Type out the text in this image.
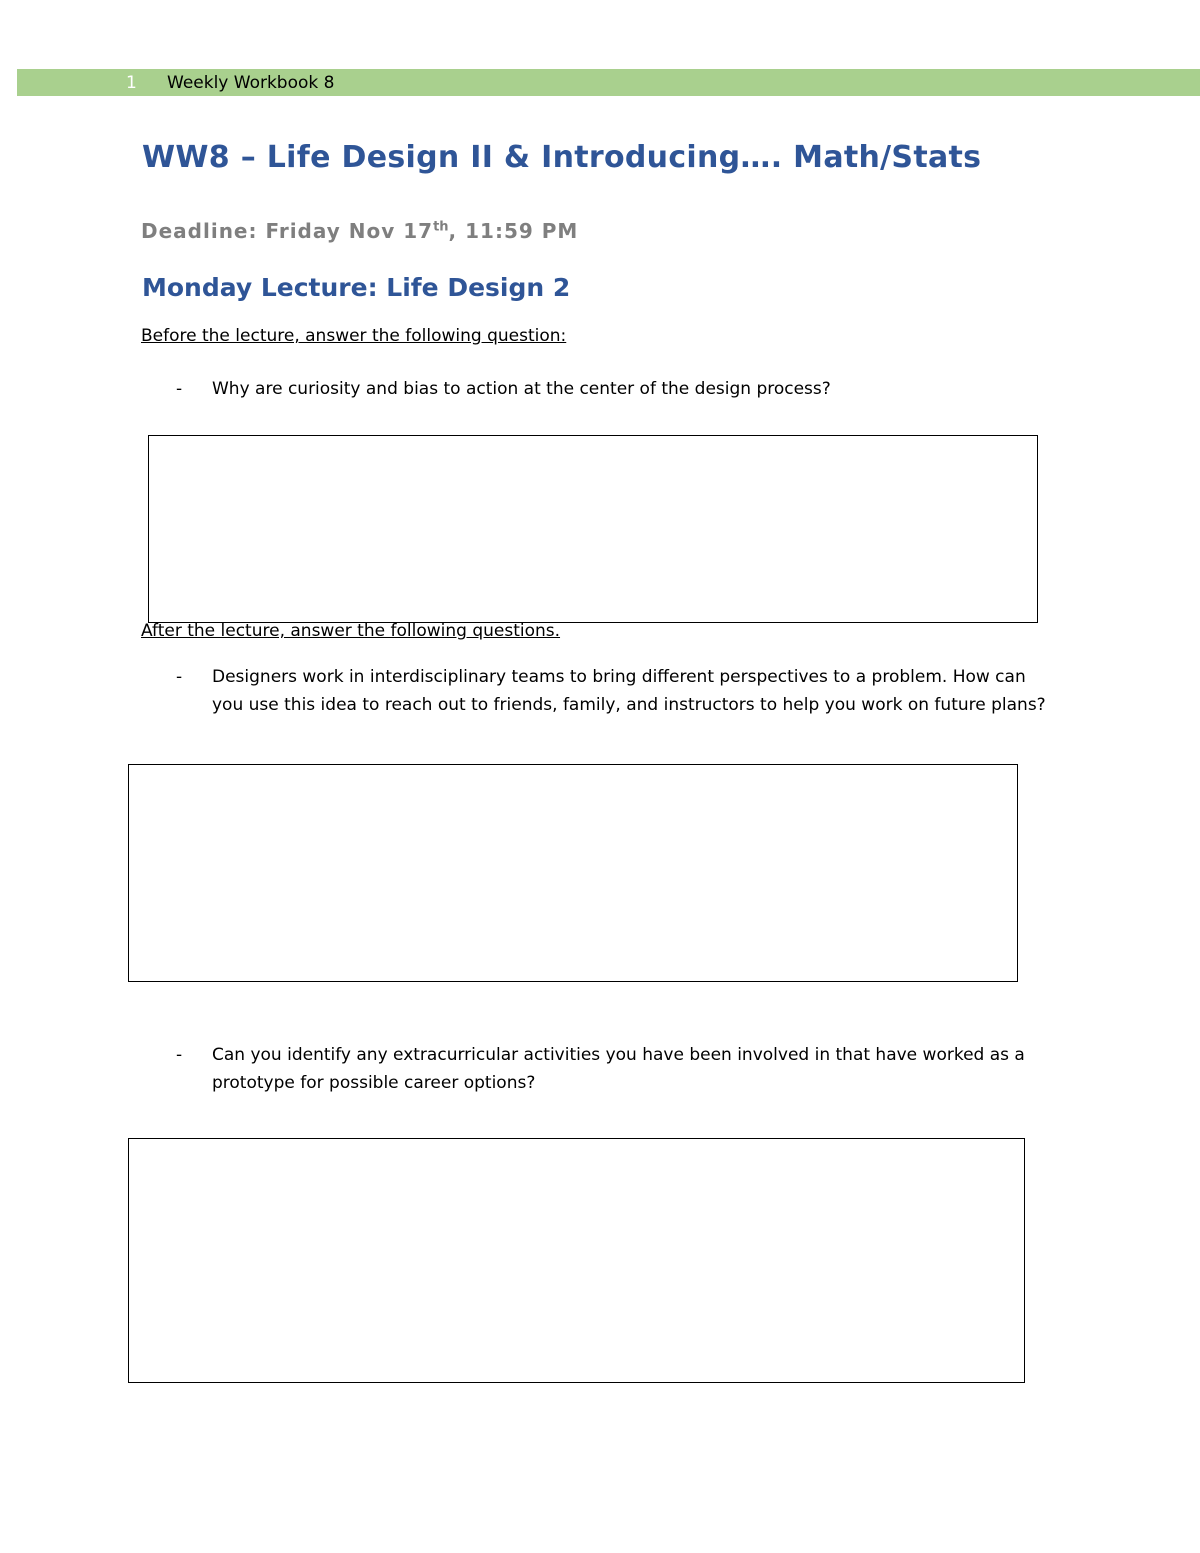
1 Weekly Workbook 8
WW8 – Life Design II & Introducing…. Math/Stats
Deadline: Friday Nov 17th, 11:59 PM
Monday Lecture: Life Design 2
Before the lecture, answer the following question:
- Why are curiosity and bias to action at the center of the design process?
After the lecture, answer the following questions.
- Designers work in interdisciplinary teams to bring different perspectives to a problem. How can you use this idea to reach out to friends, family, and instructors to help you work on future plans?
- Can you identify any extracurricular activities you have been involved in that have worked as a prototype for possible career options?
